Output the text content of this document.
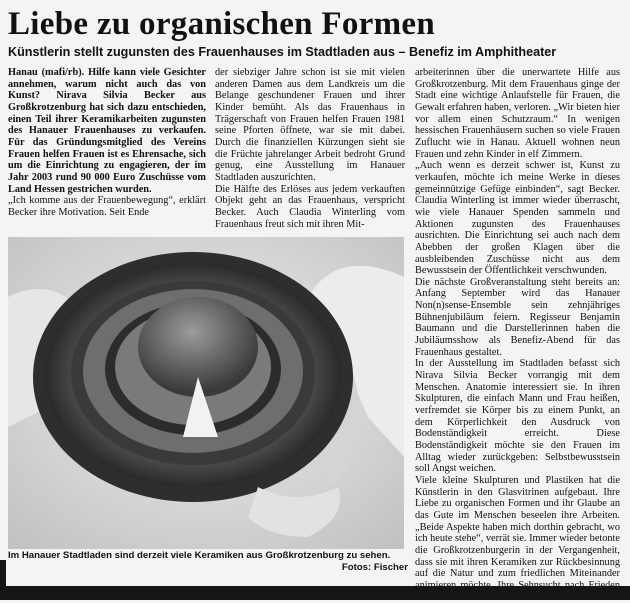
Liebe zu organischen Formen
Künstlerin stellt zugunsten des Frauenhauses im Stadtladen aus – Benefiz im Amphitheater

Hanau (mafi/rb). Hilfe kann viele Gesichter annehmen, warum nicht auch das von Kunst? Nirava Silvia Becker aus Großkrotzenburg hat sich dazu entschieden, einen Teil ihrer Keramikarbeiten zugunsten des Hanauer Frauenhauses zu verkaufen. Für das Gründungsmitglied des Vereins Frauen helfen Frauen ist es Ehrensache, sich um die Einrichtung zu engagieren, der im Jahr 2003 rund 90 000 Euro Zuschüsse vom Land Hessen gestrichen wurden.

„Ich komme aus der Frauenbewegung“, erklärt Becker ihre Motivation. Seit Ende

der siebziger Jahre schon ist sie mit vielen anderen Damen aus dem Landkreis um die Belange geschundener Frauen und ihrer Kinder bemüht. Als das Frauenhaus in Trägerschaft von Frauen helfen Frauen 1981 seine Pforten öffnete, war sie mit dabei. Durch die finanziellen Kürzungen sieht sie die Früchte jahrelanger Arbeit bedroht Grund genug, eine Ausstellung im Hanauer Stadtladen auszurichten.

Die Hälfte des Erlöses aus jedem verkauften Objekt geht an das Frauenhaus, verspricht Becker. Auch Claudia Winterling vom Frauenhaus freut sich mit ihren Mit-

Im Hanauer Stadtladen sind derzeit viele Keramiken aus Großkrotzenburg zu sehen.
Fotos: Fischer

arbeiterinnen über die unerwartete Hilfe aus Großkrotzenburg. Mit dem Frauenhaus ginge der Stadt eine wichtige Anlaufstelle für Frauen, die Gewalt erfahren haben, verloren. „Wir bieten hier vor allem einen Schutzraum.“ In wenigen hessischen Frauenhäusern suchen so viele Frauen Zuflucht wie in Hanau. Aktuell wohnen neun Frauen und zehn Kinder in elf Zimmern.

„Auch wenn es derzeit schwer ist, Kunst zu verkaufen, möchte ich meine Werke in dieses gemeinnützige Gefüge einbinden“, sagt Becker. Claudia Winterling ist immer wieder überrascht, wie viele Hanauer Spenden sammeln und Aktionen zugunsten des Frauenhauses ausrichten. Die Einrichtung sei auch nach dem Abebben der großen Klagen über die ausbleibenden Zuschüsse nicht aus dem Bewusstsein der Öffentlichkeit verschwunden.

Die nächste Großveranstaltung steht bereits an: Anfang September wird das Hanauer Non(n)sense-Ensemble sein zehnjähriges Bühnenjubiläum feiern. Regisseur Benjamin Baumann und die Darstellerinnen haben die Jubiläumsshow als Benefiz-Abend für das Frauenhaus gestaltet.

In der Ausstellung im Stadtladen befasst sich Nirava Silvia Becker vorrangig mit dem Menschen. Anatomie interessiert sie. In ihren Skulpturen, die einfach Mann und Frau heißen, verfremdet sie Körper bis zu einem Punkt, an dem Körperlichkeit den Ausdruck von Bodenständigkeit erreicht. Diese Bodenständigkeit möchte sie den Frauen im Alltag wieder zurückgeben: Selbstbewusstsein soll Angst weichen.

Viele kleine Skulpturen und Plastiken hat die Künstlerin in den Glasvitrinen aufgebaut. Ihre Liebe zu organischen Formen und ihr Glaube an das Gute im Menschen beseelen ihre Arbeiten. „Beide Aspekte haben mich dorthin gebracht, wo ich heute stehe“, verrät sie. Immer wieder betonte die Großkrotzenburgerin in der Vergangenheit, dass sie mit ihren Keramiken zur Rückbesinnung auf die Natur und zum friedlichen Miteinander
